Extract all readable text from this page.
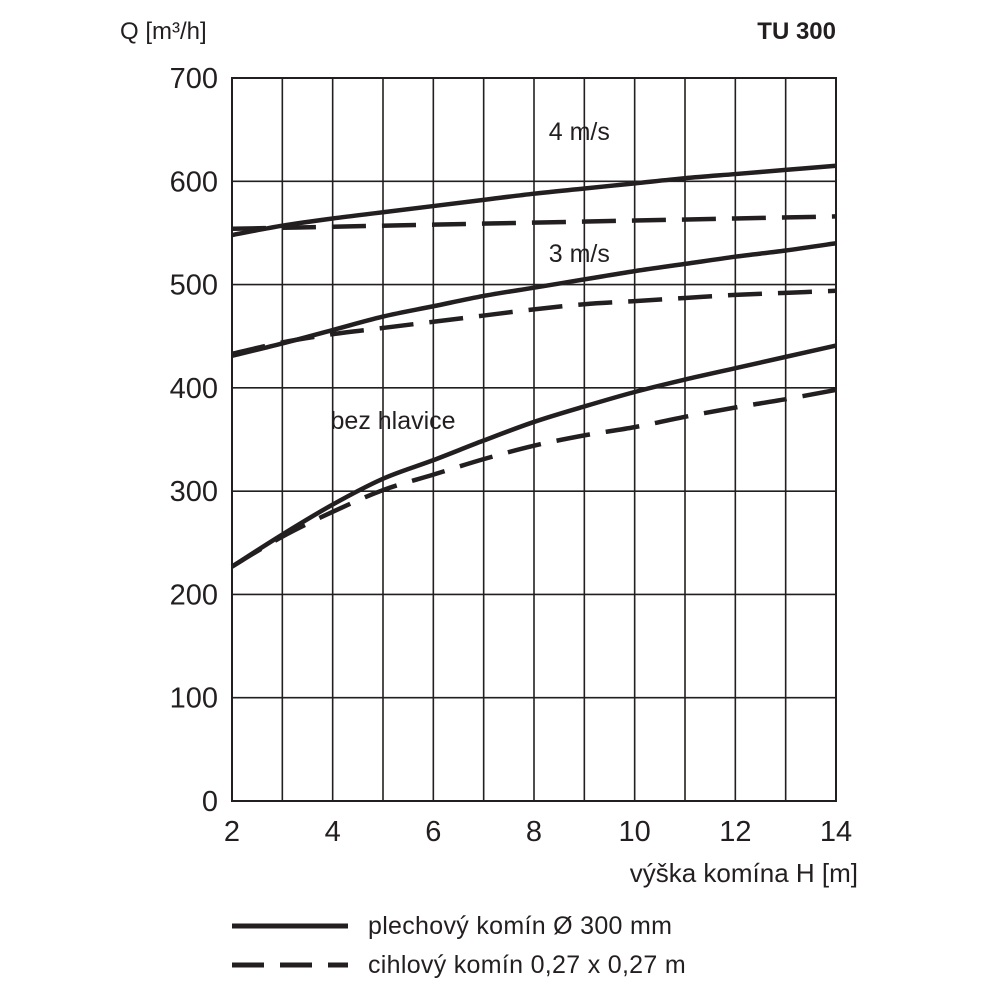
0
100
200
300
400
500
600
700
2	4	6	8	10 12 14
4 m/s
3 m/s
bez hlavice
Q [m³/h]	TU 300
výška komína H [m]
plechový komín Ø 300 mm
cihlový komín 0,27 x 0,27 m
